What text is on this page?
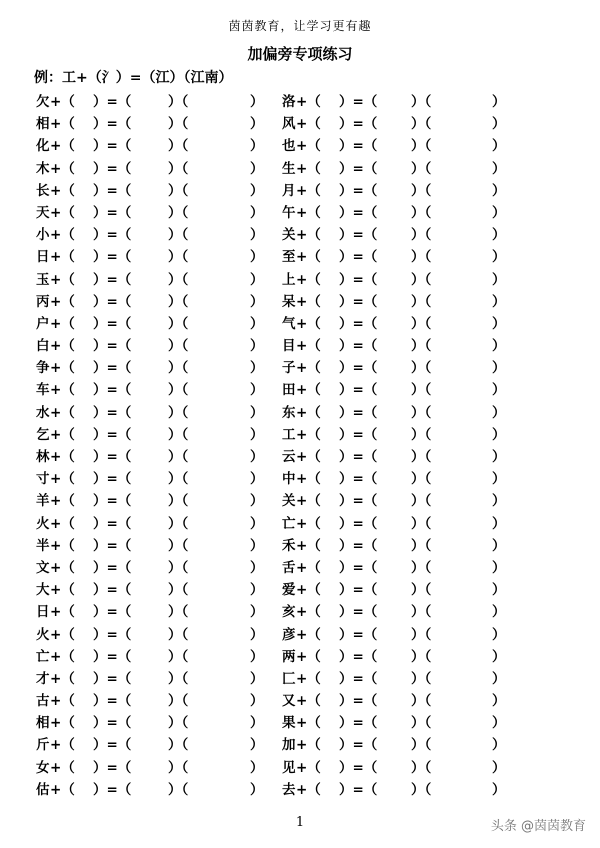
茵茵教育，让学习更有趣
加偏旁专项练习
例：工+（氵）=（江）（江南）
欠 +（ ）=（	）（	） 洛 +（ ）=（ ）（	）
相 +（ ）=（	）（	） 风 +（ ）=（ ）（	）
化 +（ ）=（	）（	） 也 +（ ）=（ ）（	）
木 +（ ）=（	）（	） 生 +（ ）=（ ）（	）
长 +（ ）=（	）（	） 月 +（ ）=（ ）（	）
天 +（ ）=（	）（	） 午 +（ ）=（ ）（	）
小 +（ ）=（	）（	） 关 +（ ）=（ ）（	）
日 +（ ）=（	）（	） 至 +（ ）=（ ）（	）
玉 +（ ）=（	）（	） 上 +（ ）=（ ）（	）
丙 +（ ）=（	）（	） 呆 +（ ）=（ ）（	）
户 +（ ）=（	）（	） 气 +（ ）=（ ）（	）
白 +（ ）=（	）（	） 目 +（ ）=（ ）（	）
争 +（ ）=（	）（	） 子 +（ ）=（ ）（	）
车 +（ ）=（	）（	） 田 +（ ）=（ ）（	）
水 +（ ）=（	）（	） 东 +（ ）=（ ）（	）
乞 +（ ）=（	）（	） 工 +（ ）=（ ）（	）
林 +（ ）=（	）（	） 云 +（ ）=（ ）（	）
寸 +（ ）=（	）（	） 中 +（ ）=（ ）（	）
羊 +（ ）=（	）（	） 关 +（ ）=（ ）（	）
火 +（ ）=（	）（	） 亡 +（ ）=（ ）（	）
半 +（ ）=（	）（	） 禾 +（ ）=（ ）（	）
文 +（ ）=（	）（	） 舌 +（ ）=（ ）（	）
大 +（ ）=（	）（	） 爱 +（ ）=（ ）（	）
日 +（ ）=（	）（	） 亥 +（ ）=（ ）（	）
火 +（ ）=（	）（	） 彦 +（ ）=（ ）（	）
亡 +（ ）=（	）（	） 两 +（ ）=（ ）（	）
才 +（ ）=（	）（	） 匚 +（ ）=（ ）（	）
古 +（ ）=（	）（	） 又 +（ ）=（ ）（	）
相 +（ ）=（	）（	） 果 +（ ）=（ ）（	）
斤 +（ ）=（	）（	） 加 +（ ）=（ ）（	）
女 +（ ）=（	）（	） 见 +（ ）=（ ）（	）
估 +（ ）=（	）（	） 去 +（ ）=（ ）（	）
1	头条 @茵茵教育
